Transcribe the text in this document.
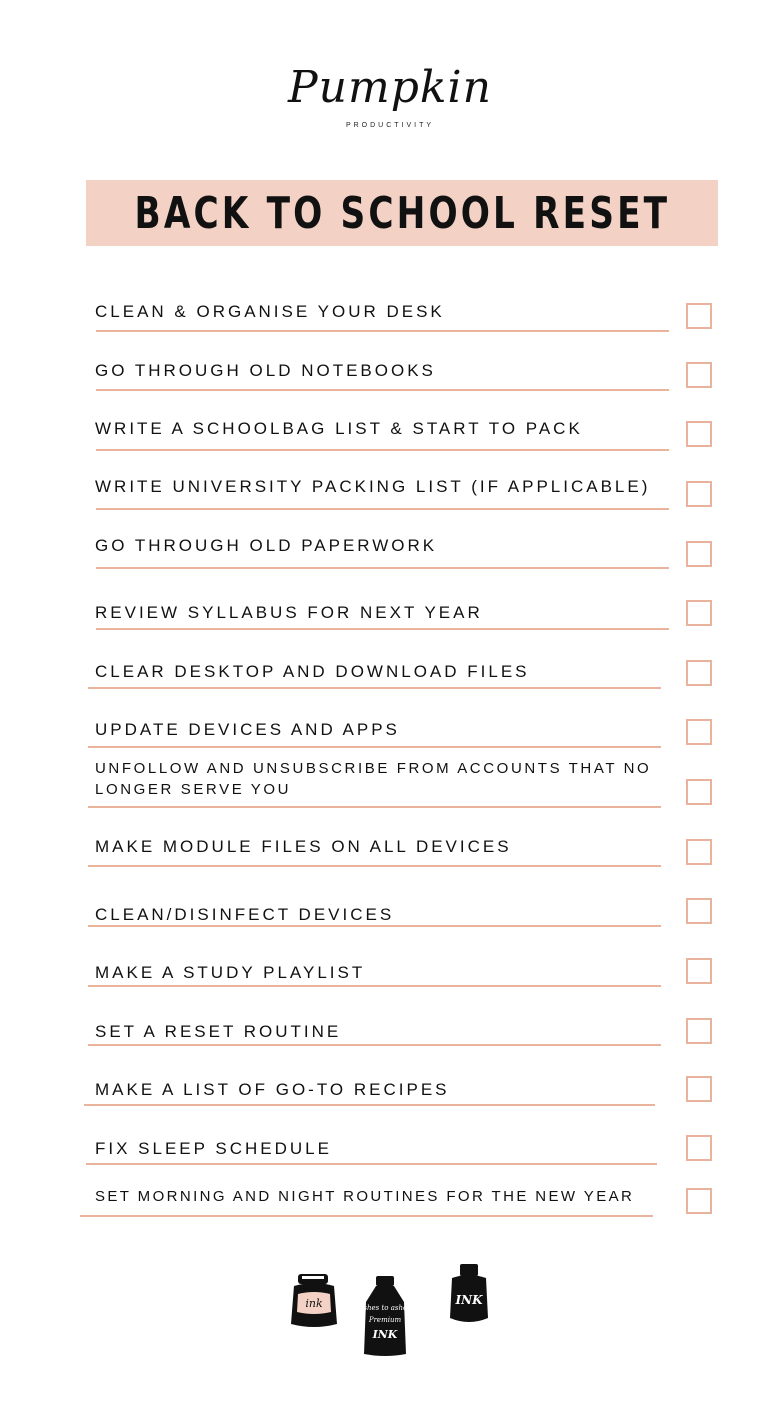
Pumpkin
PRODUCTIVITY
BACK TO SCHOOL RESET
CLEAN & ORGANISE YOUR DESK
GO THROUGH OLD NOTEBOOKS
WRITE A SCHOOLBAG LIST & START TO PACK
WRITE UNIVERSITY PACKING LIST (IF APPLICABLE)
GO THROUGH OLD PAPERWORK
REVIEW SYLLABUS FOR NEXT YEAR
CLEAR DESKTOP AND DOWNLOAD FILES
UPDATE DEVICES AND APPS
UNFOLLOW AND UNSUBSCRIBE FROM ACCOUNTS THAT NO LONGER SERVE YOU
MAKE MODULE FILES ON ALL DEVICES
CLEAN/DISINFECT DEVICES
MAKE A STUDY PLAYLIST
SET A RESET ROUTINE
MAKE A LIST OF GO-TO RECIPES
FIX SLEEP SCHEDULE
SET MORNING AND NIGHT ROUTINES FOR THE NEW YEAR
ink	ashes to ashes
Premium
INK
INK
